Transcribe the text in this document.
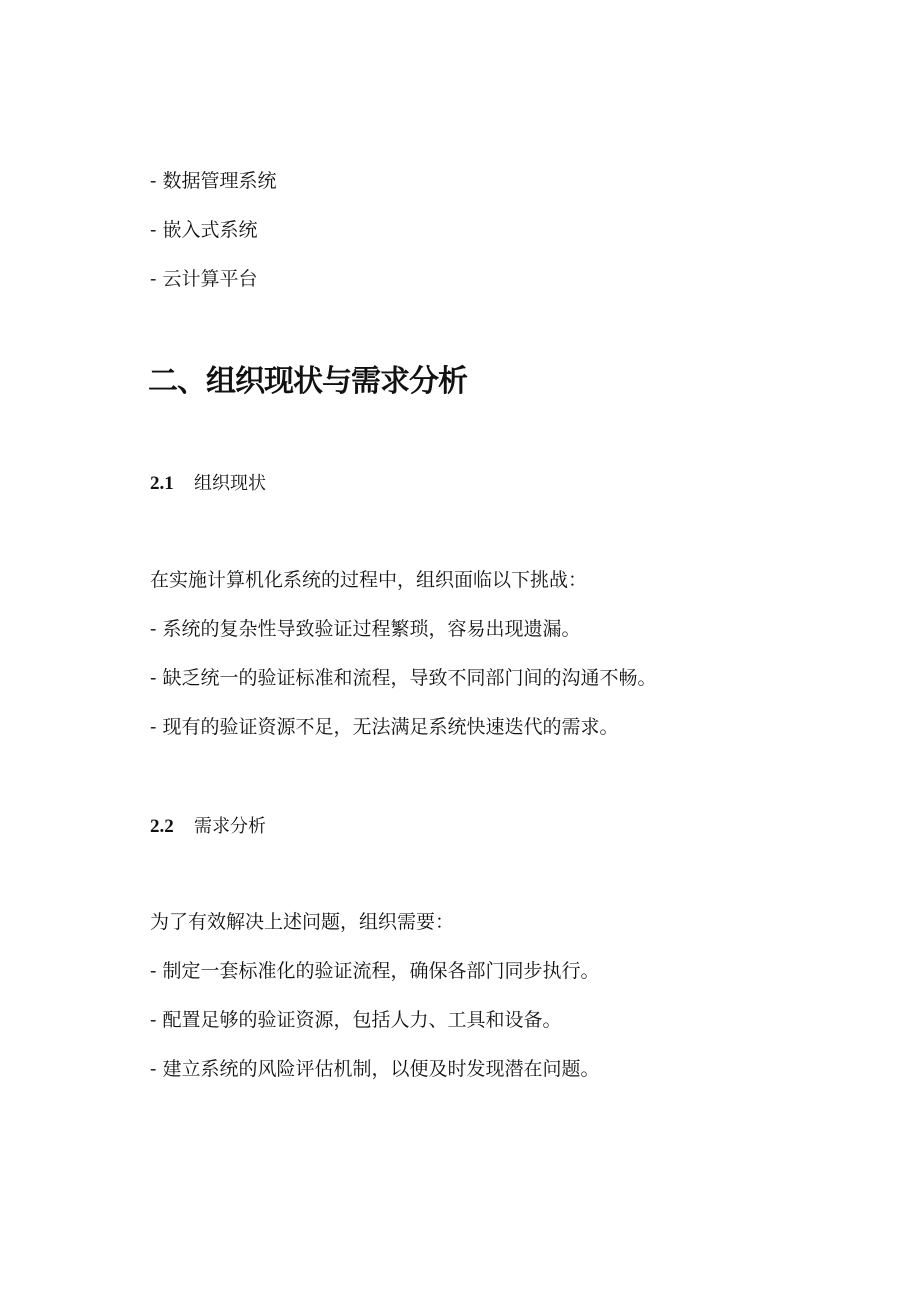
- 数据管理系统
- 嵌入式系统
- 云计算平台
二、组织现状与需求分析
2.1 组织现状
在实施计算机化系统的过程中，组织面临以下挑战：
- 系统的复杂性导致验证过程繁琐，容易出现遗漏。
- 缺乏统一的验证标准和流程，导致不同部门间的沟通不畅。
- 现有的验证资源不足，无法满足系统快速迭代的需求。
2.2 需求分析
为了有效解决上述问题，组织需要：
- 制定一套标准化的验证流程，确保各部门同步执行。
- 配置足够的验证资源，包括人力、工具和设备。
- 建立系统的风险评估机制，以便及时发现潜在问题。
